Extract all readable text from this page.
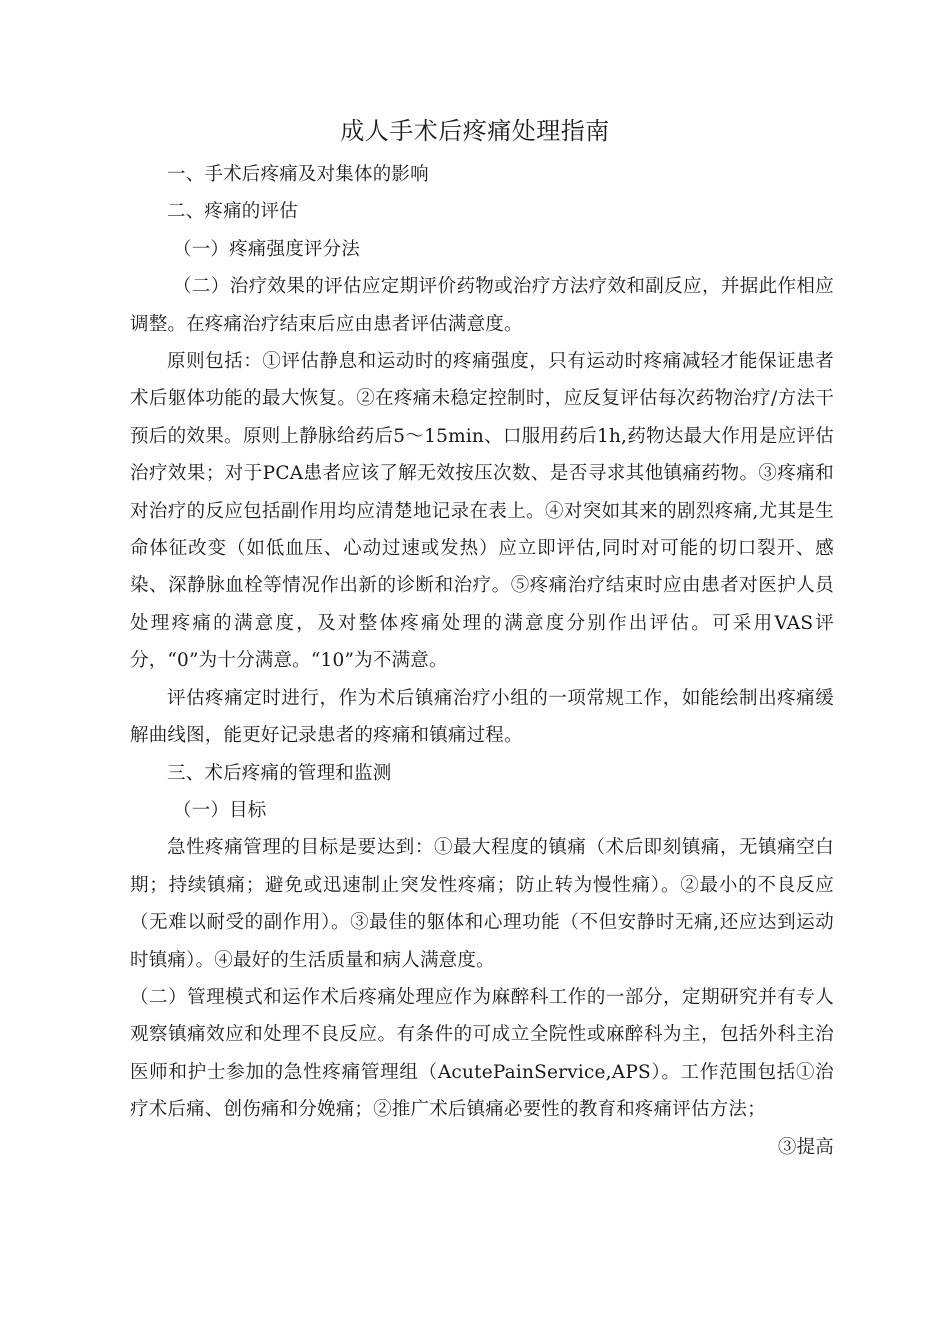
成人手术后疼痛处理指南

一、手术后疼痛及对集体的影响

二、疼痛的评估

（一）疼痛强度评分法

（二）治疗效果的评估应定期评价药物或治疗方法疗效和副反应，并据此作相应调整。在疼痛治疗结束后应由患者评估满意度。

原则包括：①评估静息和运动时的疼痛强度，只有运动时疼痛减轻才能保证患者术后躯体功能的最大恢复。②在疼痛未稳定控制时，应反复评估每次药物治疗/方法干预后的效果。原则上静脉给药后5〜15min、口服用药后1h,药物达最大作用是应评估治疗效果；对于PCA患者应该了解无效按压次数、是否寻求其他镇痛药物。③疼痛和对治疗的反应包括副作用均应清楚地记录在表上。④对突如其来的剧烈疼痛,尤其是生命体征改变（如低血压、心动过速或发热）应立即评估,同时对可能的切口裂开、感染、深静脉血栓等情况作出新的诊断和治疗。⑤疼痛治疗结束时应由患者对医护人员处理疼痛的满意度，及对整体疼痛处理的满意度分别作出评估。可采用VAS评分，“0”为十分满意。“10”为不满意。

评估疼痛定时进行，作为术后镇痛治疗小组的一项常规工作，如能绘制出疼痛缓解曲线图，能更好记录患者的疼痛和镇痛过程。

三、术后疼痛的管理和监测

（一）目标

急性疼痛管理的目标是要达到：①最大程度的镇痛（术后即刻镇痛，无镇痛空白期；持续镇痛；避免或迅速制止突发性疼痛；防止转为慢性痛）。②最小的不良反应（无难以耐受的副作用）。③最佳的躯体和心理功能（不但安静时无痛,还应达到运动时镇痛）。④最好的生活质量和病人满意度。

（二）管理模式和运作术后疼痛处理应作为麻醉科工作的一部分，定期研究并有专人观察镇痛效应和处理不良反应。有条件的可成立全院性或麻醉科为主，包括外科主治医师和护士参加的急性疼痛管理组（AcutePainService,APS）。工作范围包括①治疗术后痛、创伤痛和分娩痛；②推广术后镇痛必要性的教育和疼痛评估方法；

③提高
